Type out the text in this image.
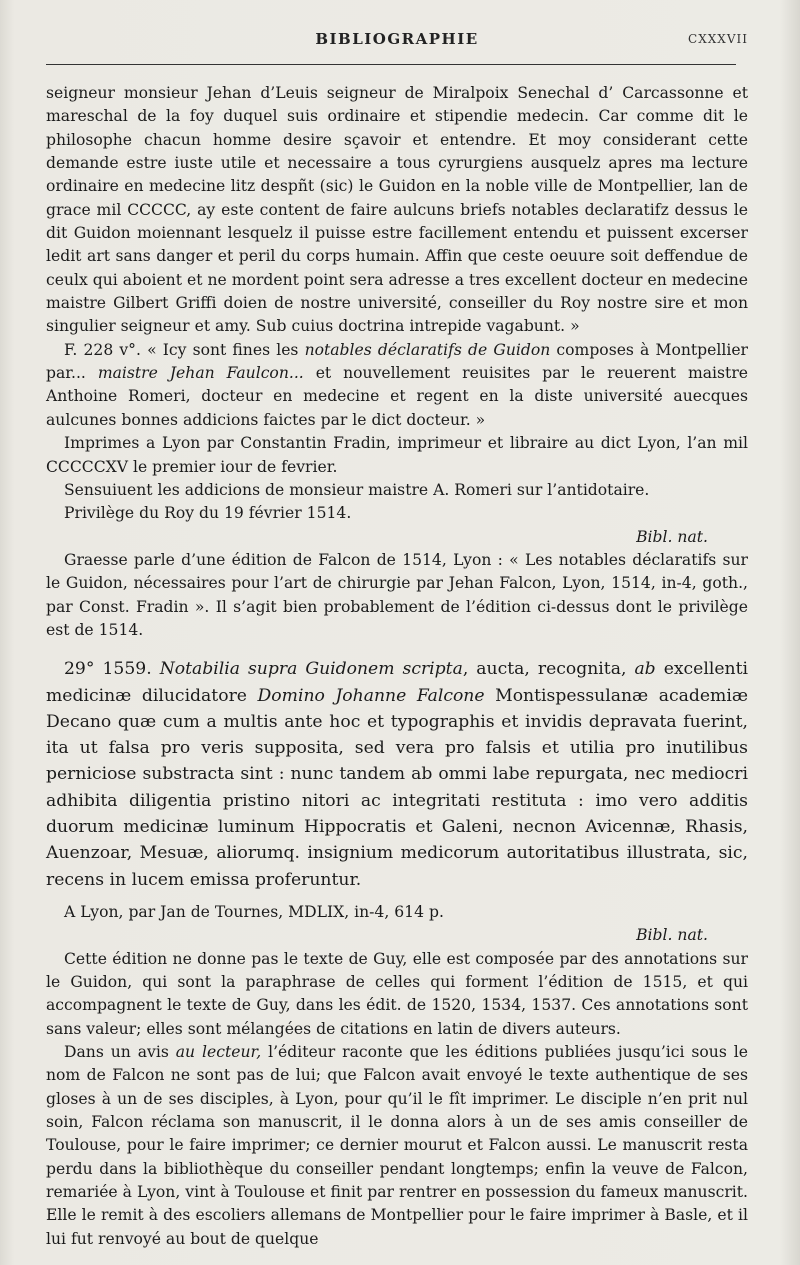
BIBLIOGRAPHIE	CXXXVII

seigneur monsieur Jehan d’Leuis seigneur de Miralpoix Senechal d’ Carcassonne et mareschal de la foy duquel suis ordinaire et stipendie medecin. Car comme dit le philosophe chacun homme desire sçavoir et entendre. Et moy considerant cette demande estre iuste utile et necessaire a tous cyrurgiens ausquelz apres ma lecture ordinaire en medecine litz despñt (sic) le Guidon en la noble ville de Montpellier, lan de grace mil CCCCC, ay este content de faire aulcuns briefs notables declaratifz dessus le dit Guidon moiennant lesquelz il puisse estre facillement entendu et puissent excerser ledit art sans danger et peril du corps humain. Affin que ceste oeuure soit deffendue de ceulx qui aboient et ne mordent point sera adresse a tres excellent docteur en medecine maistre Gilbert Griffi doien de nostre université, conseiller du Roy nostre sire et mon singulier seigneur et amy. Sub cuius doctrina intrepide vagabunt. »

F. 228 v°. « Icy sont fines les notables déclaratifs de Guidon composes à Montpellier par... maistre Jehan Faulcon... et nouvellement reuisites par le reuerent maistre Anthoine Romeri, docteur en medecine et regent en la diste université auecques aulcunes bonnes addicions faictes par le dict docteur. »

Imprimes a Lyon par Constantin Fradin, imprimeur et libraire au dict Lyon, l’an mil CCCCCXV le premier iour de fevrier.

Sensuiuent les addicions de monsieur maistre A. Romeri sur l’antidotaire.

Privilège du Roy du 19 février 1514.

Bibl. nat.

Graesse parle d’une édition de Falcon de 1514, Lyon : « Les notables déclaratifs sur le Guidon, nécessaires pour l’art de chirurgie par Jehan Falcon, Lyon, 1514, in-4, goth., par Const. Fradin ». Il s’agit bien probablement de l’édition ci-dessus dont le privilège est de 1514.

29° 1559. Notabilia supra Guidonem scripta, aucta, recognita, ab excellenti medicinæ dilucidatore Domino Johanne Falcone Montispessulanæ academiæ Decano quæ cum a multis ante hoc et typographis et invidis depravata fuerint, ita ut falsa pro veris supposita, sed vera pro falsis et utilia pro inutilibus perniciose substracta sint : nunc tandem ab ommi labe repurgata, nec mediocri adhibita diligentia pristino nitori ac integritati restituta : imo vero additis duorum medicinæ luminum Hippocratis et Galeni, necnon Avicennæ, Rhasis, Auenzoar, Mesuæ, aliorumq. insignium medicorum autoritatibus illustrata, sic, recens in lucem emissa proferuntur.

A Lyon, par Jan de Tournes, MDLIX, in-4, 614 p.

Bibl. nat.

Cette édition ne donne pas le texte de Guy, elle est composée par des annotations sur le Guidon, qui sont la paraphrase de celles qui forment l’édition de 1515, et qui accompagnent le texte de Guy, dans les édit. de 1520, 1534, 1537. Ces annotations sont sans valeur; elles sont mélangées de citations en latin de divers auteurs.

Dans un avis au lecteur, l’éditeur raconte que les éditions publiées jusqu’ici sous le nom de Falcon ne sont pas de lui; que Falcon avait envoyé le texte authentique de ses gloses à un de ses disciples, à Lyon, pour qu’il le fît imprimer. Le disciple n’en prit nul soin, Falcon réclama son manuscrit, il le donna alors à un de ses amis conseiller de Toulouse, pour le faire imprimer; ce dernier mourut et Falcon aussi. Le manuscrit resta perdu dans la bibliothèque du conseiller pendant longtemps; enfin la veuve de Falcon, remariée à Lyon, vint à Toulouse et finit par rentrer en possession du fameux manuscrit. Elle le remit à des escoliers allemans de Montpellier pour le faire imprimer à Basle, et il lui fut renvoyé au bout de quelque
